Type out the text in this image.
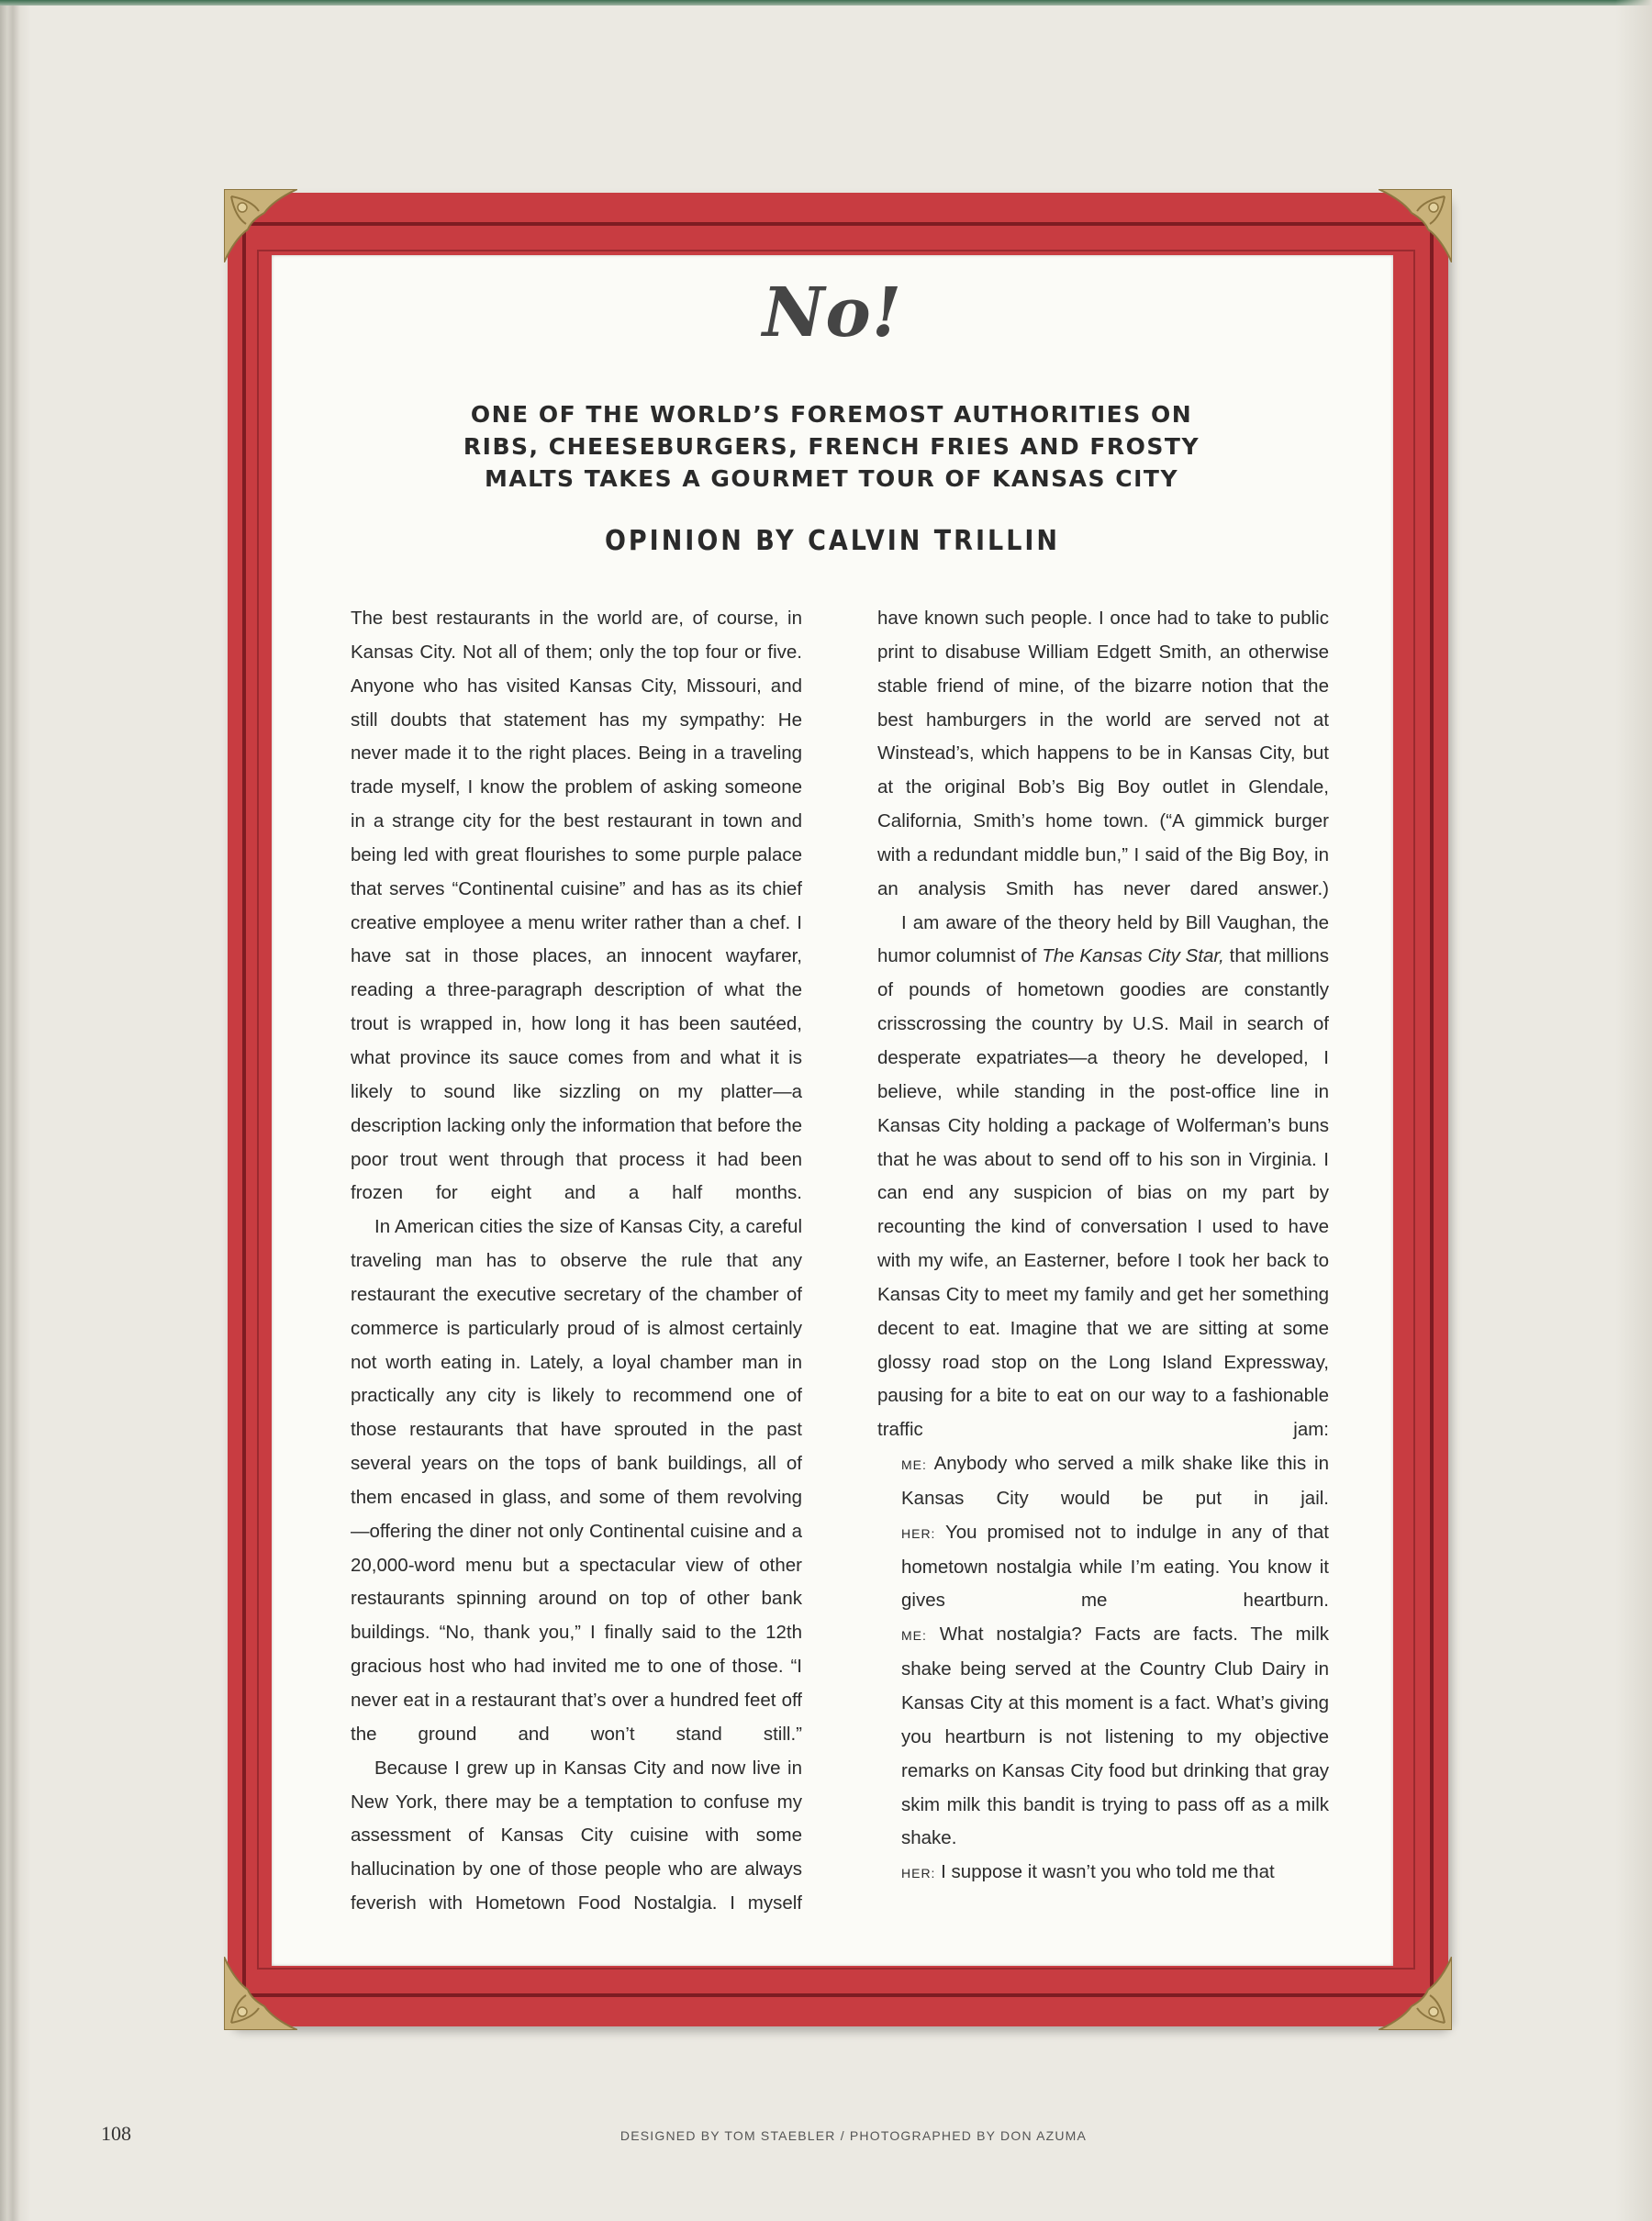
No!
ONE OF THE WORLD’S FOREMOST AUTHORITIES ON
RIBS, CHEESEBURGERS, FRENCH FRIES AND FROSTY
MALTS TAKES A GOURMET TOUR OF KANSAS CITY
OPINION BY CALVIN TRILLIN

The best restaurants in the world are, of course, in Kansas City. Not all of them; only the top four or five. Anyone who has visited Kansas City, Missouri, and still doubts that statement has my sympathy: He never made it to the right places. Being in a traveling trade myself, I know the problem of asking someone in a strange city for the best restaurant in town and being led with great flourishes to some purple palace that serves “Continental cuisine” and has as its chief creative employee a menu writer rather than a chef. I have sat in those places, an innocent wayfarer, reading a three-paragraph description of what the trout is wrapped in, how long it has been sautéed, what province its sauce comes from and what it is likely to sound like sizzling on my platter—a description lacking only the information that before the poor trout went through that process it had been frozen for eight and a half months.

In American cities the size of Kansas City, a careful traveling man has to observe the rule that any restaurant the executive secretary of the chamber of commerce is particularly proud of is almost certainly not worth eating in. Lately, a loyal chamber man in practically any city is likely to recommend one of those restaurants that have sprouted in the past several years on the tops of bank buildings, all of them encased in glass, and some of them revolving —offering the diner not only Continental cuisine and a 20,000-word menu but a spectacular view of other restaurants spinning around on top of other bank buildings. “No, thank you,” I finally said to the 12th gracious host who had invited me to one of those. “I never eat in a restaurant that’s over a hundred feet off the ground and won’t stand still.”

Because I grew up in Kansas City and now live in New York, there may be a temptation to confuse my assessment of Kansas City cuisine with some hallucination by one of those people who are always feverish with Hometown Food Nostalgia. I myself

have known such people. I once had to take to public print to disabuse William Edgett Smith, an otherwise stable friend of mine, of the bizarre notion that the best hamburgers in the world are served not at Winstead’s, which happens to be in Kansas City, but at the original Bob’s Big Boy outlet in Glendale, California, Smith’s home town. (“A gimmick burger with a redundant middle bun,” I said of the Big Boy, in an analysis Smith has never dared answer.)

I am aware of the theory held by Bill Vaughan, the humor columnist of The Kansas City Star, that millions of pounds of hometown goodies are constantly crisscrossing the country by U.S. Mail in search of desperate expatriates—a theory he developed, I believe, while standing in the post-office line in Kansas City holding a package of Wolferman’s buns that he was about to send off to his son in Virginia. I can end any suspicion of bias on my part by recounting the kind of conversation I used to have with my wife, an Easterner, before I took her back to Kansas City to meet my family and get her something decent to eat. Imagine that we are sitting at some glossy road stop on the Long Island Expressway, pausing for a bite to eat on our way to a fashionable traffic jam:

ME: Anybody who served a milk shake like this in Kansas City would be put in jail.

HER: You promised not to indulge in any of that hometown nostalgia while I’m eating. You know it gives me heartburn.

ME: What nostalgia? Facts are facts. The milk shake being served at the Country Club Dairy in Kansas City at this moment is a fact. What’s giving you heartburn is not listening to my objective remarks on Kansas City food but drinking that gray skim milk this bandit is trying to pass off as a milk shake.

HER: I suppose it wasn’t you who told me that

108	DESIGNED BY TOM STAEBLER / PHOTOGRAPHED BY DON AZUMA
